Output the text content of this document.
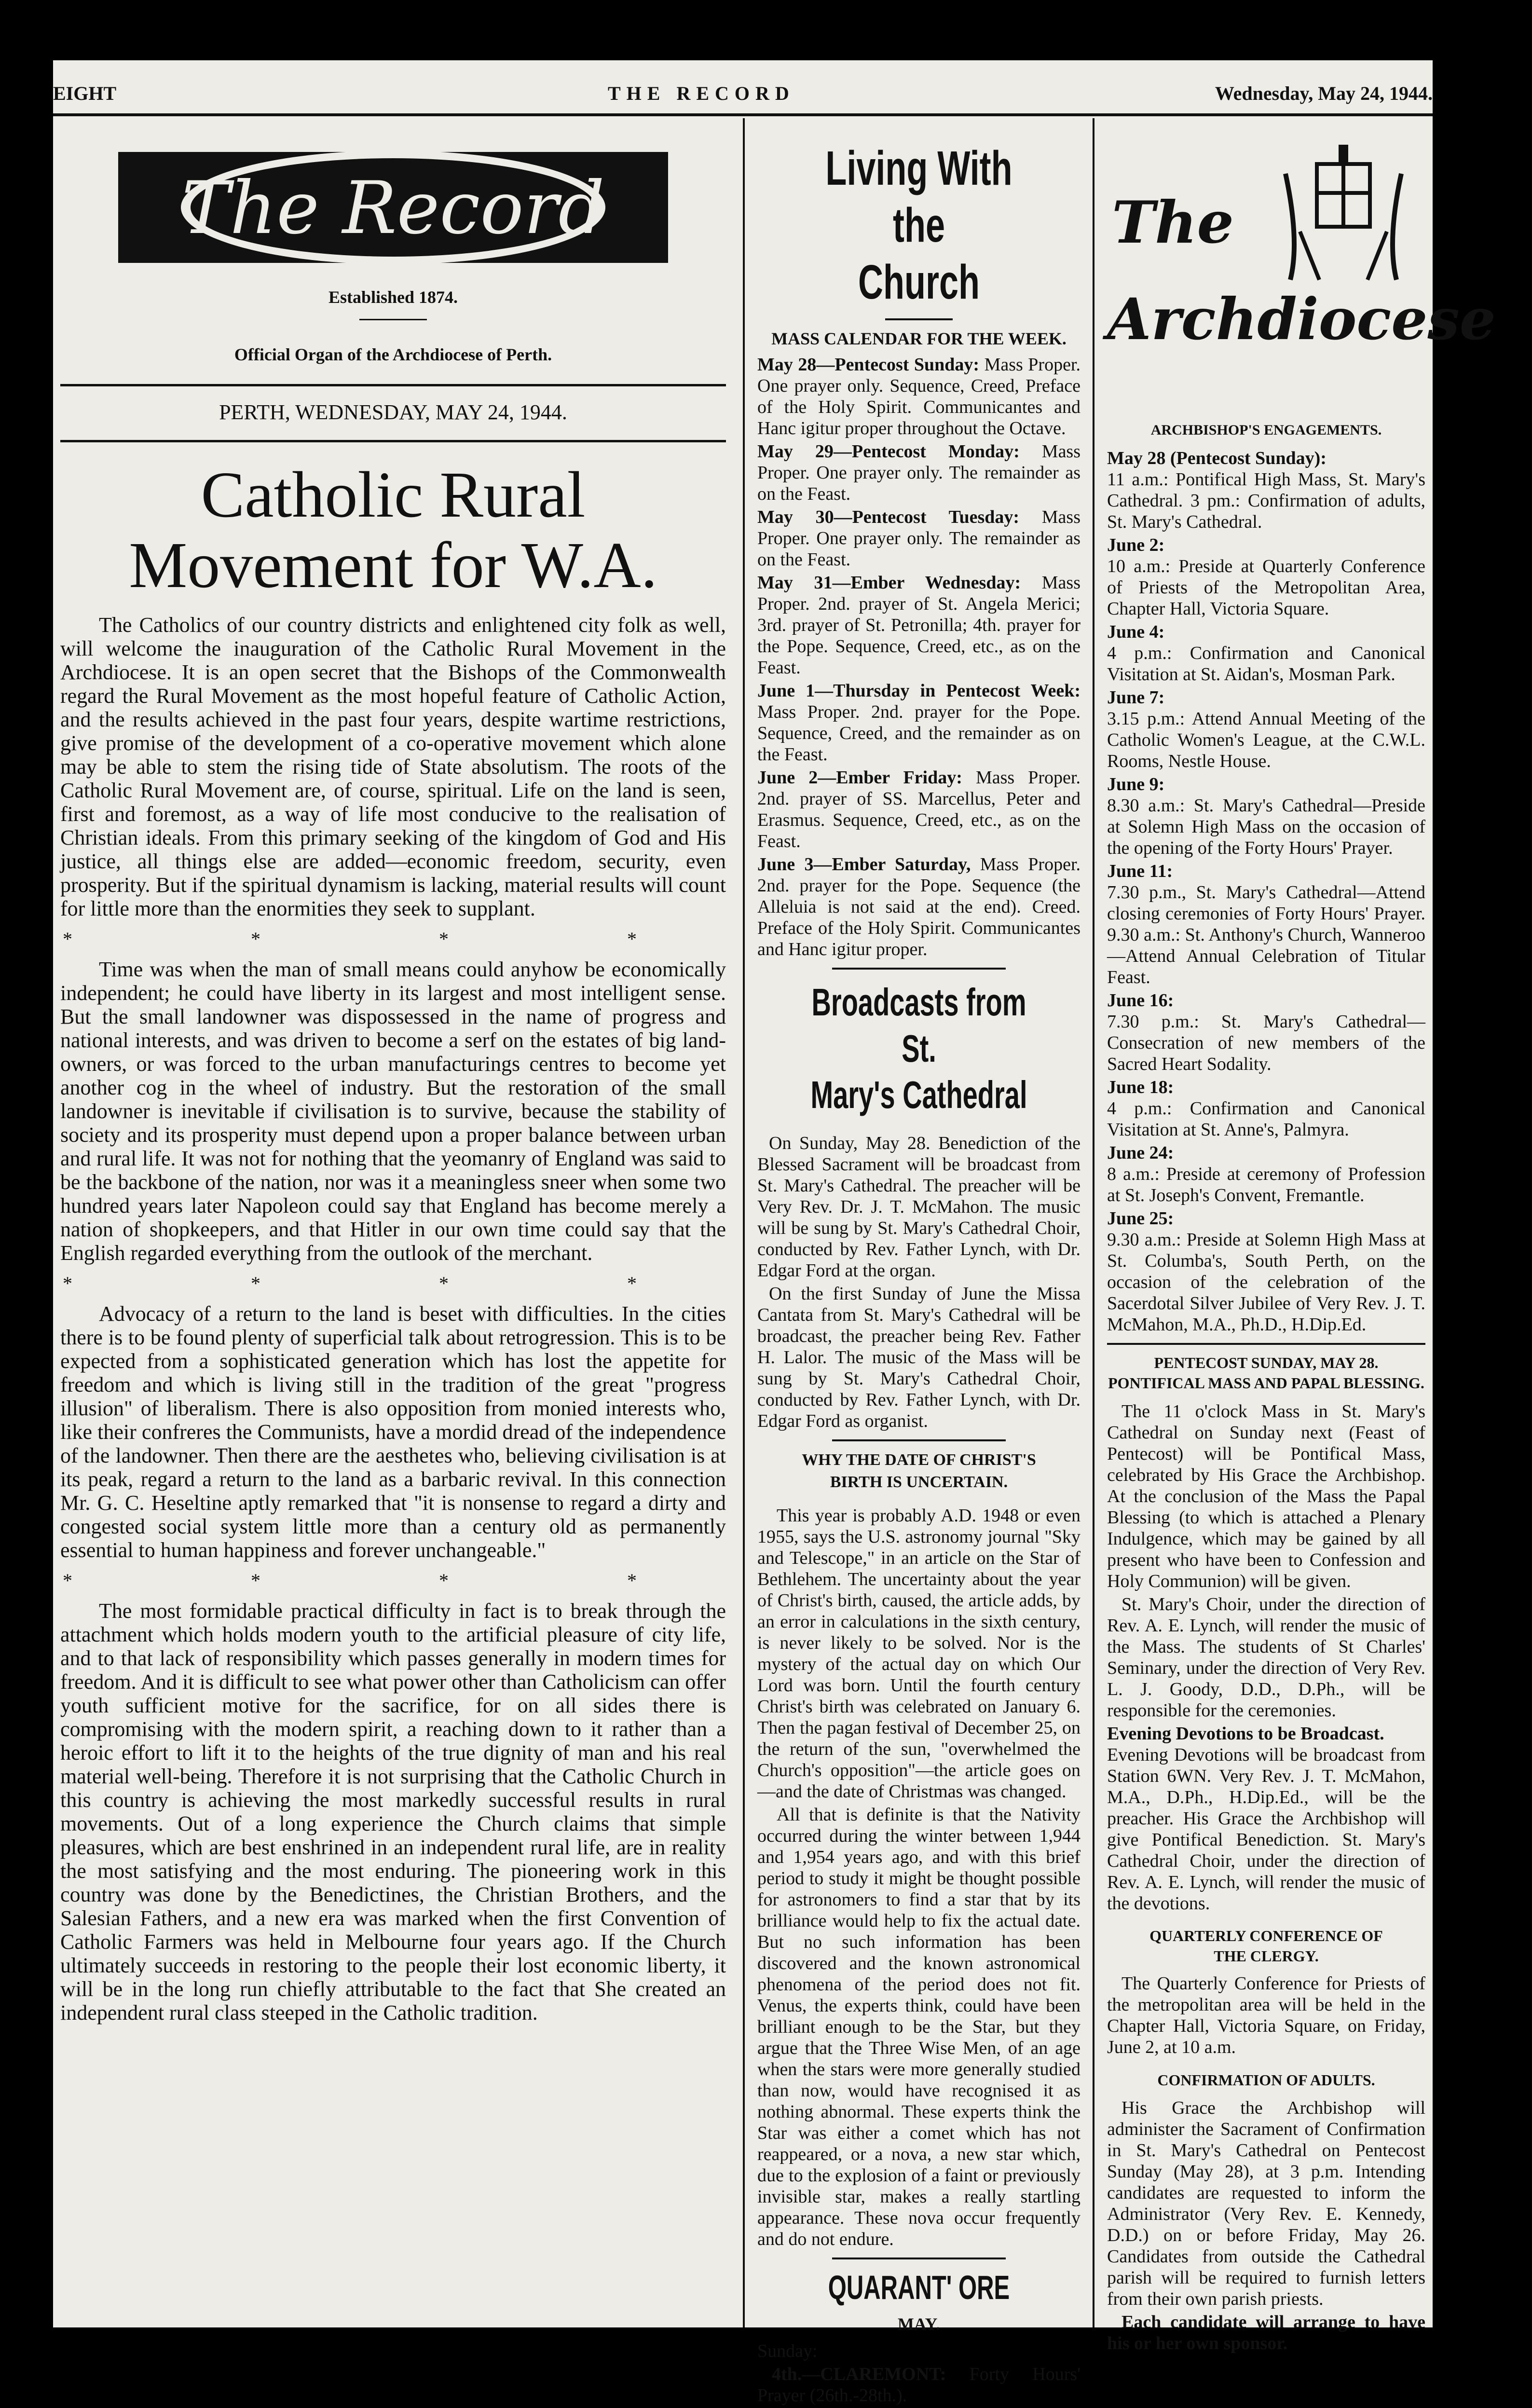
EIGHT	THE RECORD	Wednesday, May 24, 1944.
The Record

Established 1874.

Official Organ of the Archdiocese of Perth.

PERTH, WEDNESDAY, MAY 24, 1944.

Catholic Rural
Movement for W.A.

The Catholics of our country districts and enlightened city folk as well, will welcome the inauguration of the Catholic Rural Movement in the Archdiocese. It is an open secret that the Bishops of the Commonwealth regard the Rural Movement as the most hopeful feature of Catholic Action, and the results achieved in the past four years, despite wartime restrictions, give promise of the development of a co-operative movement which alone may be able to stem the rising tide of State absolutism. The roots of the Catholic Rural Movement are, of course, spiritual. Life on the land is seen, first and foremost, as a way of life most conducive to the realisation of Christian ideals. From this primary seeking of the kingdom of God and His justice, all things else are added—economic freedom, security, even prosperity. But if the spiritual dynamism is lacking, material results will count for little more than the enormities they seek to supplant.

* * * *

Time was when the man of small means could anyhow be economically independent; he could have liberty in its largest and most intelligent sense. But the small landowner was dispossessed in the name of progress and national interests, and was driven to become a serf on the estates of big land-owners, or was forced to the urban manufacturings centres to become yet another cog in the wheel of industry. But the restoration of the small landowner is inevitable if civilisation is to survive, because the stability of society and its prosperity must depend upon a proper balance between urban and rural life. It was not for nothing that the yeomanry of England was said to be the backbone of the nation, nor was it a meaningless sneer when some two hundred years later Napoleon could say that England has become merely a nation of shopkeepers, and that Hitler in our own time could say that the English regarded everything from the outlook of the merchant.

* * * *

Advocacy of a return to the land is beset with difficulties. In the cities there is to be found plenty of superficial talk about retrogression. This is to be expected from a sophisticated generation which has lost the appetite for freedom and which is living still in the tradition of the great "progress illusion" of liberalism. There is also opposition from monied interests who, like their confreres the Communists, have a mordid dread of the independence of the landowner. Then there are the aesthetes who, believing civilisation is at its peak, regard a return to the land as a barbaric revival. In this connection Mr. G. C. Heseltine aptly remarked that "it is nonsense to regard a dirty and congested social system little more than a century old as permanently essential to human happiness and forever unchangeable."

* * * *

The most formidable practical difficulty in fact is to break through the attachment which holds modern youth to the artificial pleasure of city life, and to that lack of responsibility which passes generally in modern times for freedom. And it is difficult to see what power other than Catholicism can offer youth sufficient motive for the sacrifice, for on all sides there is compromising with the modern spirit, a reaching down to it rather than a heroic effort to lift it to the heights of the true dignity of man and his real material well-being. Therefore it is not surprising that the Catholic Church in this country is achieving the most markedly successful results in rural movements. Out of a long experience the Church claims that simple pleasures, which are best enshrined in an independent rural life, are in reality the most satisfying and the most enduring. The pioneering work in this country was done by the Benedictines, the Christian Brothers, and the Salesian Fathers, and a new era was marked when the first Convention of Catholic Farmers was held in Melbourne four years ago. If the Church ultimately succeeds in restoring to the people their lost economic liberty, it will be in the long run chiefly attributable to the fact that She created an independent rural class steeped in the Catholic tradition.

Living With the
Church

MASS CALENDAR FOR THE WEEK.

May 28—Pentecost Sunday: Mass Proper. One prayer only. Sequence, Creed, Preface of the Holy Spirit. Communicantes and Hanc igitur proper throughout the Octave.

May 29—Pentecost Monday: Mass Proper. One prayer only. The remainder as on the Feast.

May 30—Pentecost Tuesday: Mass Proper. One prayer only. The remainder as on the Feast.

May 31—Ember Wednesday: Mass Proper. 2nd. prayer of St. Angela Merici; 3rd. prayer of St. Petronilla; 4th. prayer for the Pope. Sequence, Creed, etc., as on the Feast.

June 1—Thursday in Pentecost Week: Mass Proper. 2nd. prayer for the Pope. Sequence, Creed, and the remainder as on the Feast.

June 2—Ember Friday: Mass Proper. 2nd. prayer of SS. Marcellus, Peter and Erasmus. Sequence, Creed, etc., as on the Feast.

June 3—Ember Saturday, Mass Proper. 2nd. prayer for the Pope. Sequence (the Alleluia is not said at the end). Creed. Preface of the Holy Spirit. Communicantes and Hanc igitur proper.

Broadcasts from St.
Mary's Cathedral

On Sunday, May 28. Benediction of the Blessed Sacrament will be broadcast from St. Mary's Cathedral. The preacher will be Very Rev. Dr. J. T. McMahon. The music will be sung by St. Mary's Cathedral Choir, conducted by Rev. Father Lynch, with Dr. Edgar Ford at the organ.

On the first Sunday of June the Missa Cantata from St. Mary's Cathedral will be broadcast, the preacher being Rev. Father H. Lalor. The music of the Mass will be sung by St. Mary's Cathedral Choir, conducted by Rev. Father Lynch, with Dr. Edgar Ford as organist.

WHY THE DATE OF CHRIST'S
BIRTH IS UNCERTAIN.

This year is probably A.D. 1948 or even 1955, says the U.S. astronomy journal "Sky and Telescope," in an article on the Star of Bethlehem. The uncertainty about the year of Christ's birth, caused, the article adds, by an error in calculations in the sixth century, is never likely to be solved. Nor is the mystery of the actual day on which Our Lord was born. Until the fourth century Christ's birth was celebrated on January 6. Then the pagan festival of December 25, on the return of the sun, "overwhelmed the Church's opposition"—the article goes on—and the date of Christmas was changed.

All that is definite is that the Nativity occurred during the winter between 1,944 and 1,954 years ago, and with this brief period to study it might be thought possible for astronomers to find a star that by its brilliance would help to fix the actual date. But no such information has been discovered and the known astronomical phenomena of the period does not fit. Venus, the experts think, could have been brilliant enough to be the Star, but they argue that the Three Wise Men, of an age when the stars were more generally studied than now, would have recognised it as nothing abnormal. These experts think the Star was either a comet which has not reappeared, or a nova, a new star which, due to the explosion of a faint or previously invisible star, makes a really startling appearance. These nova occur frequently and do not endure.

QUARANT' ORE

MAY.

Sunday:

4th.—CLAREMONT: Forty Hours' Prayer (26th.-28th.).

The
Archdiocese

ARCHBISHOP'S ENGAGEMENTS.

May 28 (Pentecost Sunday):
11 a.m.: Pontifical High Mass, St. Mary's Cathedral. 3 pm.: Confirmation of adults, St. Mary's Cathedral.

June 2:
10 a.m.: Preside at Quarterly Conference of Priests of the Metropolitan Area, Chapter Hall, Victoria Square.

June 4:
4 p.m.: Confirmation and Canonical Visitation at St. Aidan's, Mosman Park.

June 7:
3.15 p.m.: Attend Annual Meeting of the Catholic Women's League, at the C.W.L. Rooms, Nestle House.

June 9:
8.30 a.m.: St. Mary's Cathedral—Preside at Solemn High Mass on the occasion of the opening of the Forty Hours' Prayer.

June 11:
7.30 p.m., St. Mary's Cathedral—Attend closing ceremonies of Forty Hours' Prayer. 9.30 a.m.: St. Anthony's Church, Wanneroo—Attend Annual Celebration of Titular Feast.

June 16:
7.30 p.m.: St. Mary's Cathedral—Consecration of new members of the Sacred Heart Sodality.

June 18:
4 p.m.: Confirmation and Canonical Visitation at St. Anne's, Palmyra.

June 24:
8 a.m.: Preside at ceremony of Profession at St. Joseph's Convent, Fremantle.

June 25:
9.30 a.m.: Preside at Solemn High Mass at St. Columba's, South Perth, on the occasion of the celebration of the Sacerdotal Silver Jubilee of Very Rev. J. T. McMahon, M.A., Ph.D., H.Dip.Ed.

PENTECOST SUNDAY, MAY 28.
PONTIFICAL MASS AND PAPAL BLESSING.

The 11 o'clock Mass in St. Mary's Cathedral on Sunday next (Feast of Pentecost) will be Pontifical Mass, celebrated by His Grace the Archbishop. At the conclusion of the Mass the Papal Blessing (to which is attached a Plenary Indulgence, which may be gained by all present who have been to Confession and Holy Communion) will be given.

St. Mary's Choir, under the direction of Rev. A. E. Lynch, will render the music of the Mass. The students of St Charles' Seminary, under the direction of Very Rev. L. J. Goody, D.D., D.Ph., will be responsible for the ceremonies.

Evening Devotions to be Broadcast.
Evening Devotions will be broadcast from Station 6WN. Very Rev. J. T. McMahon, M.A., D.Ph., H.Dip.Ed., will be the preacher. His Grace the Archbishop will give Pontifical Benediction. St. Mary's Cathedral Choir, under the direction of Rev. A. E. Lynch, will render the music of the devotions.

QUARTERLY CONFERENCE OF
THE CLERGY.

The Quarterly Conference for Priests of the metropolitan area will be held in the Chapter Hall, Victoria Square, on Friday, June 2, at 10 a.m.

CONFIRMATION OF ADULTS.

His Grace the Archbishop will administer the Sacrament of Confirmation in St. Mary's Cathedral on Pentecost Sunday (May 28), at 3 p.m. Intending candidates are requested to inform the Administrator (Very Rev. E. Kennedy, D.D.) on or before Friday, May 26. Candidates from outside the Cathedral parish will be required to furnish letters from their own parish priests.

Each candidate will arrange to have his or her own sponsor.
